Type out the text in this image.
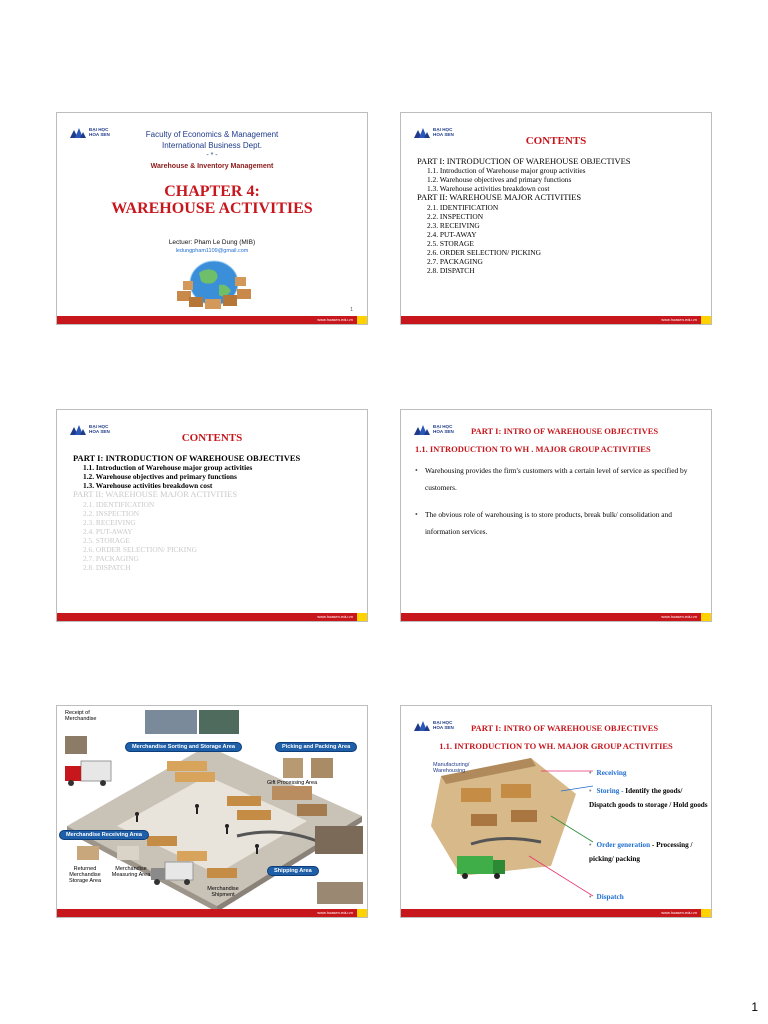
ĐẠI HỌC
HOA SEN	Faculty of Economics & Management
International Business Dept.
- * -
Warehouse & Inventory Management
CHAPTER 4:
WAREHOUSE ACTIVITIES
Lectuer: Pham Le Dung (MIB)
ledungpham1109@gmail.com
1
www.hoasen.edu.vn
ĐẠI HỌC
HOA SEN
CONTENTS
PART I: INTRODUCTION OF WAREHOUSE OBJECTIVES
1.1. Introduction of Warehouse major group activities
1.2. Warehouse objectives and primary functions
1.3. Warehouse activities breakdown cost
PART II: WAREHOUSE MAJOR ACTIVITIES
2.1. IDENTIFICATION
2.2. INSPECTION
2.3. RECEIVING
2.4. PUT-AWAY
2.5. STORAGE
2.6. ORDER SELECTION/ PICKING
2.7. PACKAGING
2.8. DISPATCH
www.hoasen.edu.vn
ĐẠI HỌC
HOA SEN
CONTENTS
PART I: INTRODUCTION OF WAREHOUSE OBJECTIVES
1.1. Introduction of Warehouse major group activities
1.2. Warehouse objectives and primary functions
1.3. Warehouse activities breakdown cost
PART II: WAREHOUSE MAJOR ACTIVITIES
2.1. IDENTIFICATION
2.2. INSPECTION
2.3. RECEIVING
2.4. PUT-AWAY
2.5. STORAGE
2.6. ORDER SELECTION/ PICKING
2.7. PACKAGING
2.8. DISPATCH
www.hoasen.edu.vn
ĐẠI HỌC
HOA SEN PART I: INTRO OF WAREHOUSE OBJECTIVES
1.1. INTRODUCTION TO WH . MAJOR GROUP ACTIVITIES
• Warehousing provides the firm's customers with a certain level of service as specified by customers.
• The obvious role of warehousing is to store products, break bulk/ consolidation and information services.
www.hoasen.edu.vn
Receipt of Merchandise
Merchandise Sorting and Storage Area	Picking and Packing Area
Gift Processing Area
Merchandise Receiving Area
Returned Merchandise Storage Area
Merchandise Measuring Area
Shipping Area
Merchandise Shipment
www.hoasen.edu.vn
ĐẠI HỌC
HOA SEN PART I: INTRO OF WAREHOUSE OBJECTIVES
1.1. INTRODUCTION TO WH. MAJOR GROUP ACTIVITIES
Manufacturing/ Warehousing	• Receiving
• Storing - Identify the goods/ Dispatch goods to storage / Hold goods
• Order generation - Processing / picking/ packing
• Dispatch
www.hoasen.edu.vn
1
